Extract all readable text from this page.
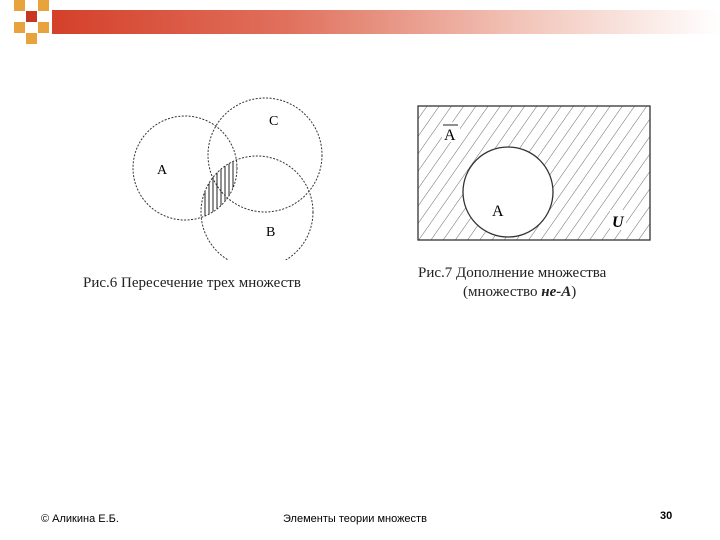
A
C
B
Рис.6 Пересечение трех множеств
A
A
U
Рис.7 Дополнение множества
(множество не-А)
© Аликина Е.Б.	Элементы теории множеств	30
